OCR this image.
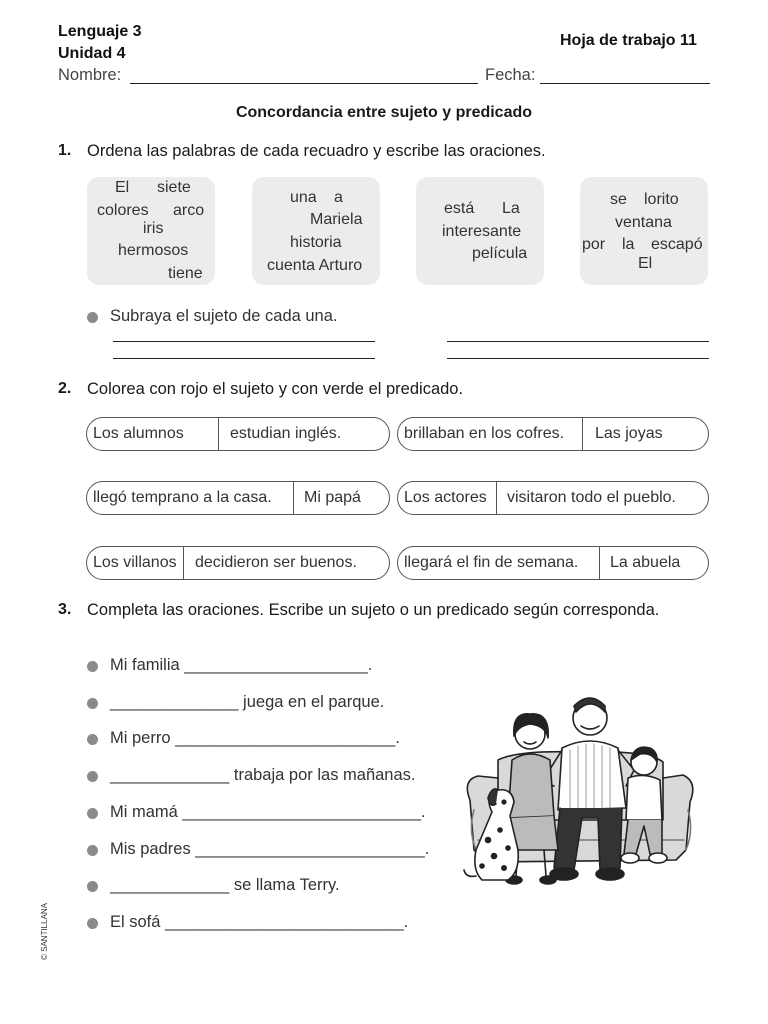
Lenguaje 3
Unidad 4
Hoja de trabajo 11
Nombre:	Fecha:
Concordancia entre sujeto y predicado
1. Ordena las palabras de cada recuadro y escribe las oraciones.
El siete
colores arco
iris
hermosos
tiene
una a
Mariela
historia
cuenta Arturo
está La
interesante
película
se lorito
ventana
por la escapó
El
Subraya el sujeto de cada una.
2. Colorea con rojo el sujeto y con verde el predicado.
Los alumnos	estudian inglés.	brillaban en los cofres.	Las joyas
llegó temprano a la casa.	Mi papá	Los actores	visitaron todo el pueblo.
Los villanos	decidieron ser buenos.	llegará el fin de semana.	La abuela
3. Completa las oraciones. Escribe un sujeto o un predicado según corresponda.
Mi familia ____________________.
______________ juega en el parque.
Mi perro ________________________.
_____________ trabaja por las mañanas.
Mi mamá __________________________.
Mis padres _________________________.
_____________ se llama Terry.
El sofá __________________________.
© SANTILLANA
